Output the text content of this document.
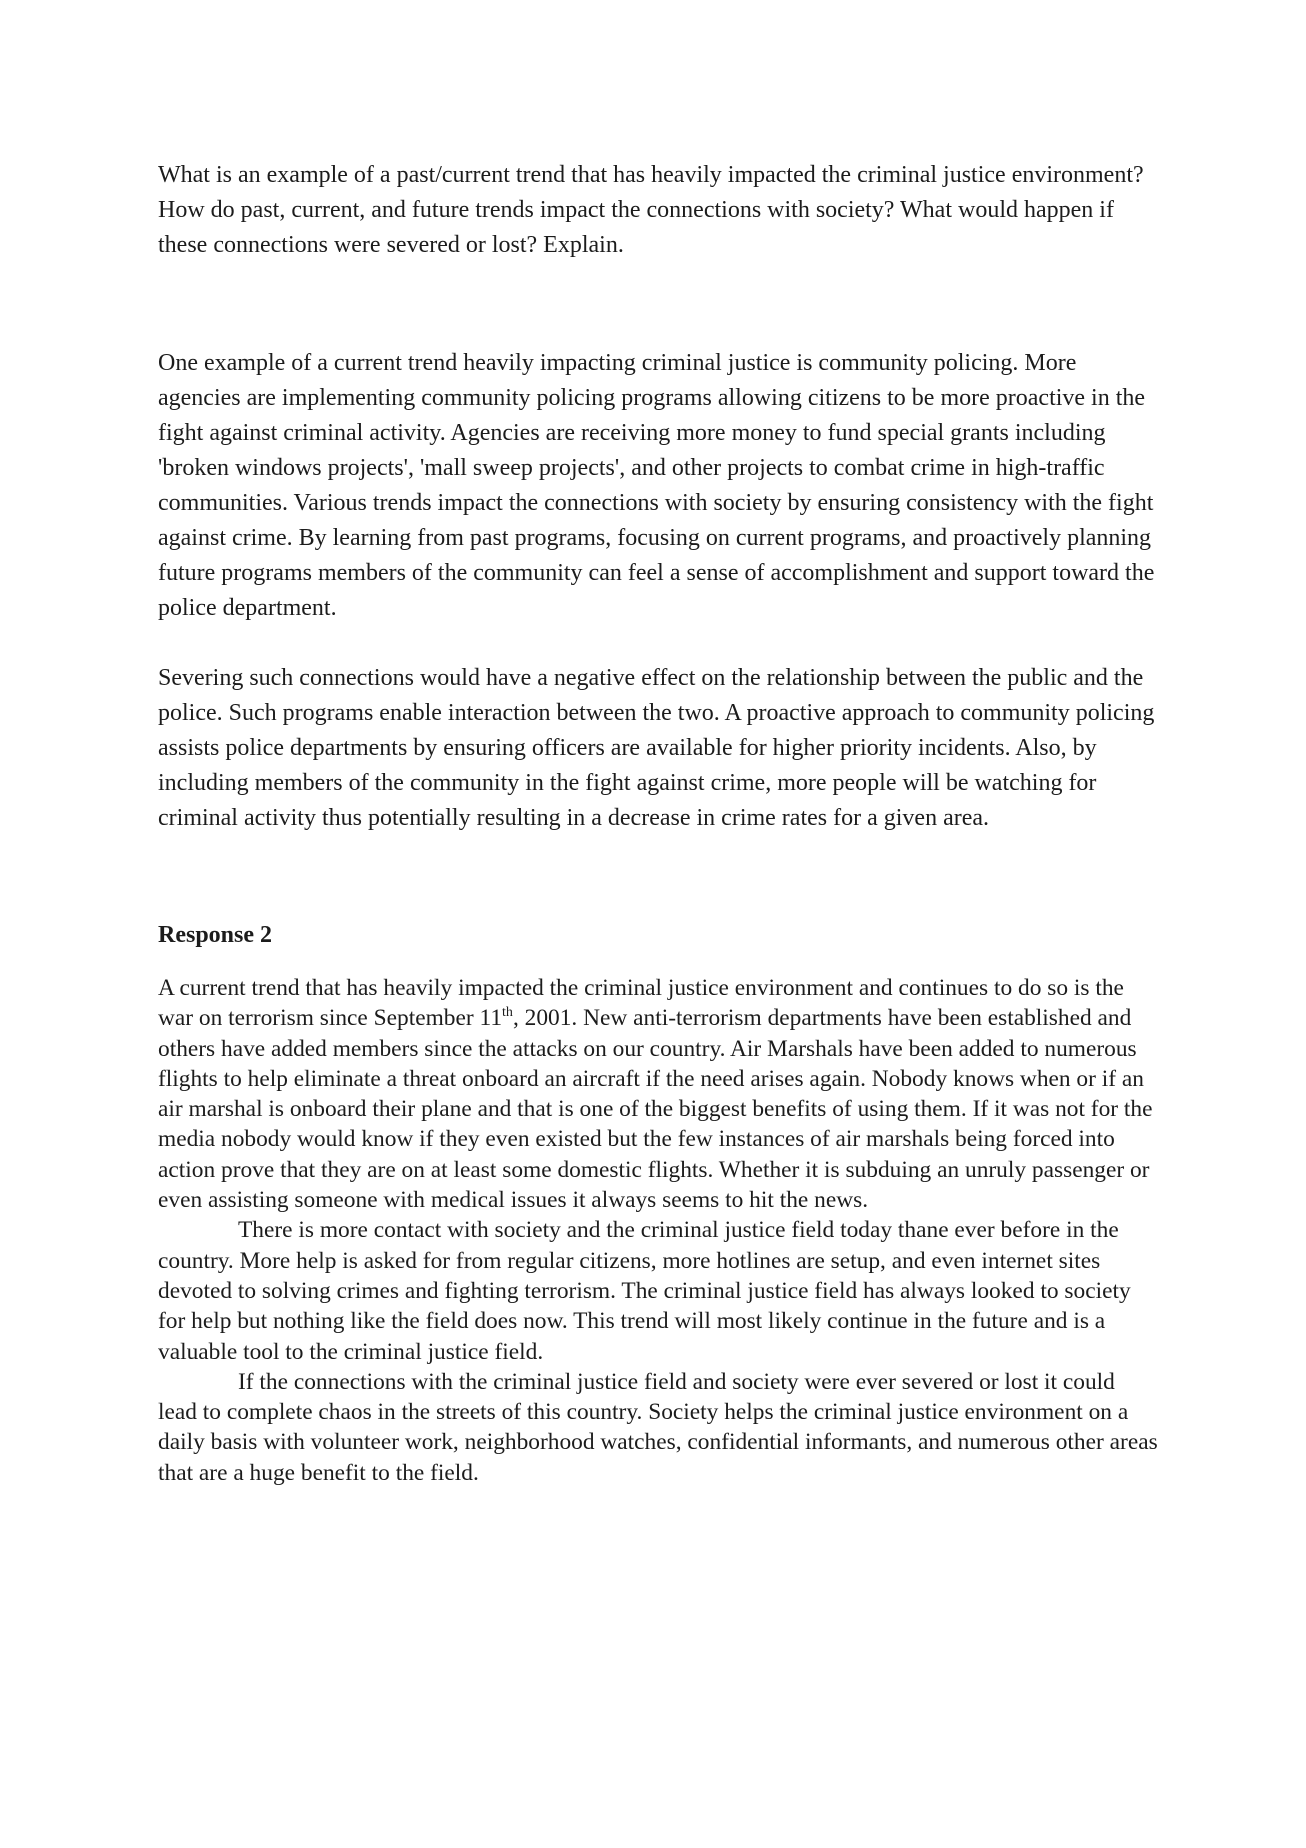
What is an example of a past/current trend that has heavily impacted the criminal justice environment? How do past, current, and future trends impact the connections with society? What would happen if these connections were severed or lost? Explain.

One example of a current trend heavily impacting criminal justice is community policing. More agencies are implementing community policing programs allowing citizens to be more proactive in the fight against criminal activity. Agencies are receiving more money to fund special grants including 'broken windows projects', 'mall sweep projects', and other projects to combat crime in high-traffic communities. Various trends impact the connections with society by ensuring consistency with the fight against crime. By learning from past programs, focusing on current programs, and proactively planning future programs members of the community can feel a sense of accomplishment and support toward the police department.

Severing such connections would have a negative effect on the relationship between the public and the police. Such programs enable interaction between the two. A proactive approach to community policing assists police departments by ensuring officers are available for higher priority incidents. Also, by including members of the community in the fight against crime, more people will be watching for criminal activity thus potentially resulting in a decrease in crime rates for a given area.

Response 2

A current trend that has heavily impacted the criminal justice environment and continues to do so is the war on terrorism since September 11th, 2001. New anti-terrorism departments have been established and others have added members since the attacks on our country. Air Marshals have been added to numerous flights to help eliminate a threat onboard an aircraft if the need arises again. Nobody knows when or if an air marshal is onboard their plane and that is one of the biggest benefits of using them. If it was not for the media nobody would know if they even existed but the few instances of air marshals being forced into action prove that they are on at least some domestic flights. Whether it is subduing an unruly passenger or even assisting someone with medical issues it always seems to hit the news.

There is more contact with society and the criminal justice field today thane ever before in the country. More help is asked for from regular citizens, more hotlines are setup, and even internet sites devoted to solving crimes and fighting terrorism. The criminal justice field has always looked to society for help but nothing like the field does now. This trend will most likely continue in the future and is a valuable tool to the criminal justice field.

If the connections with the criminal justice field and society were ever severed or lost it could lead to complete chaos in the streets of this country. Society helps the criminal justice environment on a daily basis with volunteer work, neighborhood watches, confidential informants, and numerous other areas that are a huge benefit to the field.
